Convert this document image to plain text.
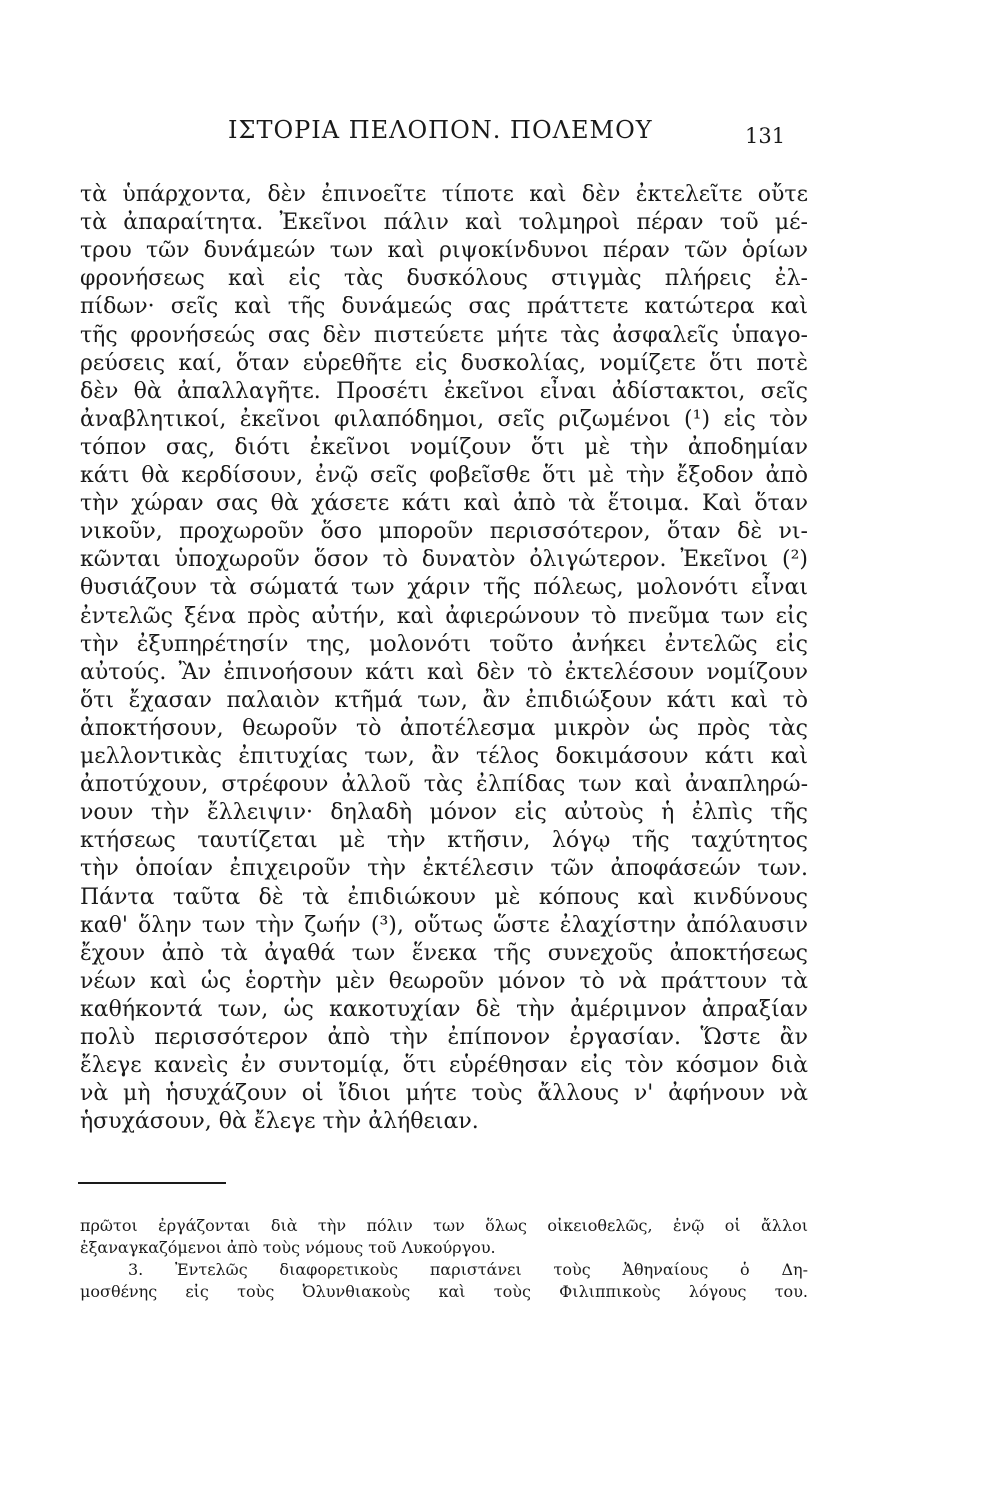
ΙΣΤΟΡΙΑ ΠΕΛΟΠΟΝ. ΠΟΛΕΜΟΥ	131
τὰ ὑπάρχοντα, δὲν ἐπινοεῖτε τίποτε καὶ δὲν ἐκτελεῖτε οὔτε
τὰ ἀπαραίτητα. Ἐκεῖνοι πάλιν καὶ τολμηροὶ πέραν τοῦ μέ-
τρου τῶν δυνάμεών των καὶ ριψοκίνδυνοι πέραν τῶν ὁρίων
φρονήσεως καὶ εἰς τὰς δυσκόλους στιγμὰς πλήρεις ἐλ-
πίδων· σεῖς καὶ τῆς δυνάμεώς σας πράττετε κατώτερα καὶ
τῆς φρονήσεώς σας δὲν πιστεύετε μήτε τὰς ἀσφαλεῖς ὑπαγο-
ρεύσεις καί, ὅταν εὑρεθῆτε εἰς δυσκολίας, νομίζετε ὅτι ποτὲ
δὲν θὰ ἀπαλλαγῆτε. Προσέτι ἐκεῖνοι εἶναι ἀδίστακτοι, σεῖς
ἀναβλητικοί, ἐκεῖνοι φιλαπόδημοι, σεῖς ριζωμένοι (¹) εἰς τὸν
τόπον σας, διότι ἐκεῖνοι νομίζουν ὅτι μὲ τὴν ἀποδημίαν
κάτι θὰ κερδίσουν, ἐνῷ σεῖς φοβεῖσθε ὅτι μὲ τὴν ἔξοδον ἀπὸ
τὴν χώραν σας θὰ χάσετε κάτι καὶ ἀπὸ τὰ ἕτοιμα. Καὶ ὅταν
νικοῦν, προχωροῦν ὅσο μποροῦν περισσότερον, ὅταν δὲ νι-
κῶνται ὑποχωροῦν ὅσον τὸ δυνατὸν ὀλιγώτερον. Ἐκεῖνοι (²)
θυσιάζουν τὰ σώματά των χάριν τῆς πόλεως, μολονότι εἶναι
ἐντελῶς ξένα πρὸς αὐτήν, καὶ ἀφιερώνουν τὸ πνεῦμα των εἰς
τὴν ἐξυπηρέτησίν της, μολονότι τοῦτο ἀνήκει ἐντελῶς εἰς
αὐτούς. Ἂν ἐπινοήσουν κάτι καὶ δὲν τὸ ἐκτελέσουν νομίζουν
ὅτι ἔχασαν παλαιὸν κτῆμά των, ἂν ἐπιδιώξουν κάτι καὶ τὸ
ἀποκτήσουν, θεωροῦν τὸ ἀποτέλεσμα μικρὸν ὡς πρὸς τὰς
μελλοντικὰς ἐπιτυχίας των, ἂν τέλος δοκιμάσουν κάτι καὶ
ἀποτύχουν, στρέφουν ἀλλοῦ τὰς ἐλπίδας των καὶ ἀναπληρώ-
νουν τὴν ἔλλειψιν· δηλαδὴ μόνον εἰς αὐτοὺς ἡ ἐλπὶς τῆς
κτήσεως ταυτίζεται μὲ τὴν κτῆσιν, λόγῳ τῆς ταχύτητος
τὴν ὁποίαν ἐπιχειροῦν τὴν ἐκτέλεσιν τῶν ἀποφάσεών των.
Πάντα ταῦτα δὲ τὰ ἐπιδιώκουν μὲ κόπους καὶ κινδύνους
καθ' ὅλην των τὴν ζωήν (³), οὕτως ὥστε ἐλαχίστην ἀπόλαυσιν
ἔχουν ἀπὸ τὰ ἀγαθά των ἕνεκα τῆς συνεχοῦς ἀποκτήσεως
νέων καὶ ὡς ἑορτὴν μὲν θεωροῦν μόνον τὸ νὰ πράττουν τὰ
καθήκοντά των, ὡς κακοτυχίαν δὲ τὴν ἀμέριμνον ἀπραξίαν
πολὺ περισσότερον ἀπὸ τὴν ἐπίπονον ἐργασίαν. Ὥστε ἂν
ἔλεγε κανεὶς ἐν συντομίᾳ, ὅτι εὑρέθησαν εἰς τὸν κόσμον διὰ
νὰ μὴ ἡσυχάζουν οἱ ἴδιοι μήτε τοὺς ἄλλους ν' ἀφήνουν νὰ
ἡσυχάσουν, θὰ ἔλεγε τὴν ἀλήθειαν.
πρῶτοι ἐργάζονται διὰ τὴν πόλιν των ὅλως οἰκειοθελῶς, ἐνῷ οἱ ἄλλοι
ἐξαναγκαζόμενοι ἀπὸ τοὺς νόμους τοῦ Λυκούργου.
3. Ἐντελῶς διαφορετικοὺς παριστάνει τοὺς Ἀθηναίους ὁ Δη-
μοσθένης εἰς τοὺς Ὀλυνθιακοὺς καὶ τοὺς Φιλιππικοὺς λόγους του.
